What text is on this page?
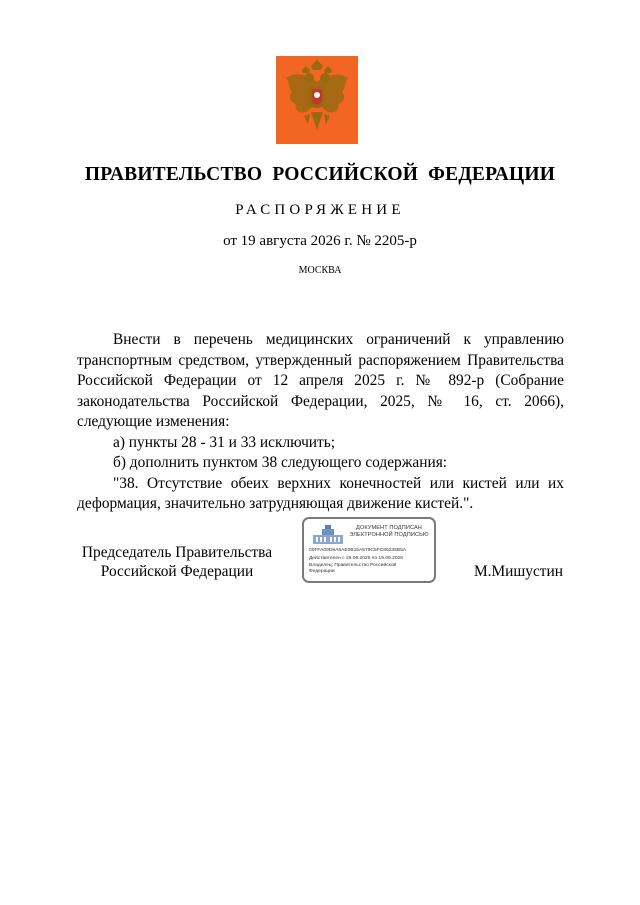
ПРАВИТЕЛЬСТВО РОССИЙСКОЙ ФЕДЕРАЦИИ
РАСПОРЯЖЕНИЕ
от 19 августа 2026 г. № 2205-р
МОСКВА

Внести в перечень медицинских ограничений к управлению транспортным средством, утвержденный распоряжением Правительства Российской Федерации от 12 апреля 2025 г. № 892-р (Собрание законодательства Российской Федерации, 2025, № 16, ст. 2066), следующие изменения:

а) пункты 28 - 31 и 33 исключить;

б) дополнить пунктом 38 следующего содержания:

"38. Отсутствие обеих верхних конечностей или кистей или их деформация, значительно затрудняющая движение кистей.".

Председатель Правительства
Российской Федерации
ДОКУМЕНТ ПОДПИСАН
ЭЛЕКТРОННОЙ ПОДПИСЬЮ
00FFA09D9A6AE0B15A579C5FC86235B5A
Действителен с 26.06.2025 по 19.09.2026
Владелец: Правительство Российской
Федерации	М.Мишустин
